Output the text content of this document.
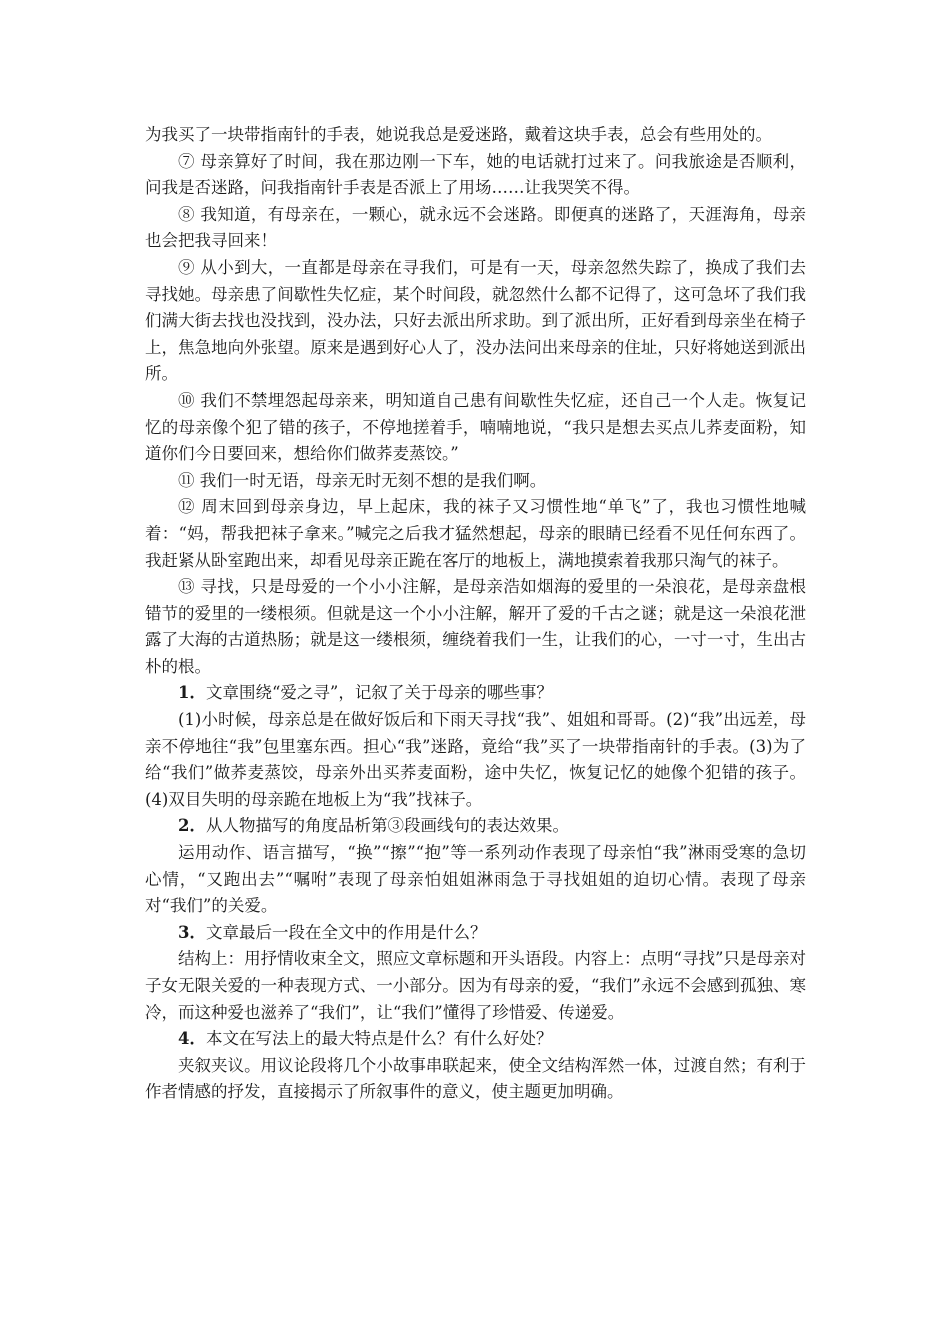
为我买了一块带指南针的手表，她说我总是爱迷路，戴着这块手表，总会有些用处的。

⑦ 母亲算好了时间，我在那边刚一下车，她的电话就打过来了。问我旅途是否顺利，问我是否迷路，问我指南针手表是否派上了用场……让我哭笑不得。

⑧ 我知道，有母亲在，一颗心，就永远不会迷路。即便真的迷路了，天涯海角，母亲也会把我寻回来！

⑨ 从小到大，一直都是母亲在寻我们，可是有一天，母亲忽然失踪了，换成了我们去寻找她。母亲患了间歇性失忆症，某个时间段，就忽然什么都不记得了，这可急坏了我们我们满大街去找也没找到，没办法，只好去派出所求助。到了派出所，正好看到母亲坐在椅子上，焦急地向外张望。原来是遇到好心人了，没办法问出来母亲的住址，只好将她送到派出所。

⑩ 我们不禁埋怨起母亲来，明知道自己患有间歇性失忆症，还自己一个人走。恢复记忆的母亲像个犯了错的孩子，不停地搓着手，喃喃地说，“我只是想去买点儿荞麦面粉，知道你们今日要回来，想给你们做荞麦蒸饺。”

⑪ 我们一时无语，母亲无时无刻不想的是我们啊。

⑫ 周末回到母亲身边，早上起床，我的袜子又习惯性地“单飞”了，我也习惯性地喊着：“妈，帮我把袜子拿来。”喊完之后我才猛然想起，母亲的眼睛已经看不见任何东西了。我赶紧从卧室跑出来，却看见母亲正跪在客厅的地板上，满地摸索着我那只淘气的袜子。

⑬ 寻找，只是母爱的一个小小注解，是母亲浩如烟海的爱里的一朵浪花，是母亲盘根错节的爱里的一缕根须。但就是这一个小小注解，解开了爱的千古之谜；就是这一朵浪花泄露了大海的古道热肠；就是这一缕根须，缠绕着我们一生，让我们的心，一寸一寸，生出古朴的根。

1．文章围绕“爱之寻”，记叙了关于母亲的哪些事？

(1)小时候，母亲总是在做好饭后和下雨天寻找“我”、姐姐和哥哥。(2)“我”出远差，母亲不停地往“我”包里塞东西。担心“我”迷路，竟给“我”买了一块带指南针的手表。(3)为了给“我们”做荞麦蒸饺，母亲外出买荞麦面粉，途中失忆，恢复记忆的她像个犯错的孩子。(4)双目失明的母亲跪在地板上为“我”找袜子。

2．从人物描写的角度品析第③段画线句的表达效果。

运用动作、语言描写，“换”“擦”“抱”等一系列动作表现了母亲怕“我”淋雨受寒的急切心情，“又跑出去”“嘱咐”表现了母亲怕姐姐淋雨急于寻找姐姐的迫切心情。表现了母亲对“我们”的关爱。

3．文章最后一段在全文中的作用是什么？

结构上：用抒情收束全文，照应文章标题和开头语段。内容上：点明“寻找”只是母亲对子女无限关爱的一种表现方式、一小部分。因为有母亲的爱，“我们”永远不会感到孤独、寒冷，而这种爱也滋养了“我们”，让“我们”懂得了珍惜爱、传递爱。

4．本文在写法上的最大特点是什么？有什么好处？

夹叙夹议。用议论段将几个小故事串联起来，使全文结构浑然一体，过渡自然；有利于作者情感的抒发，直接揭示了所叙事件的意义，使主题更加明确。
